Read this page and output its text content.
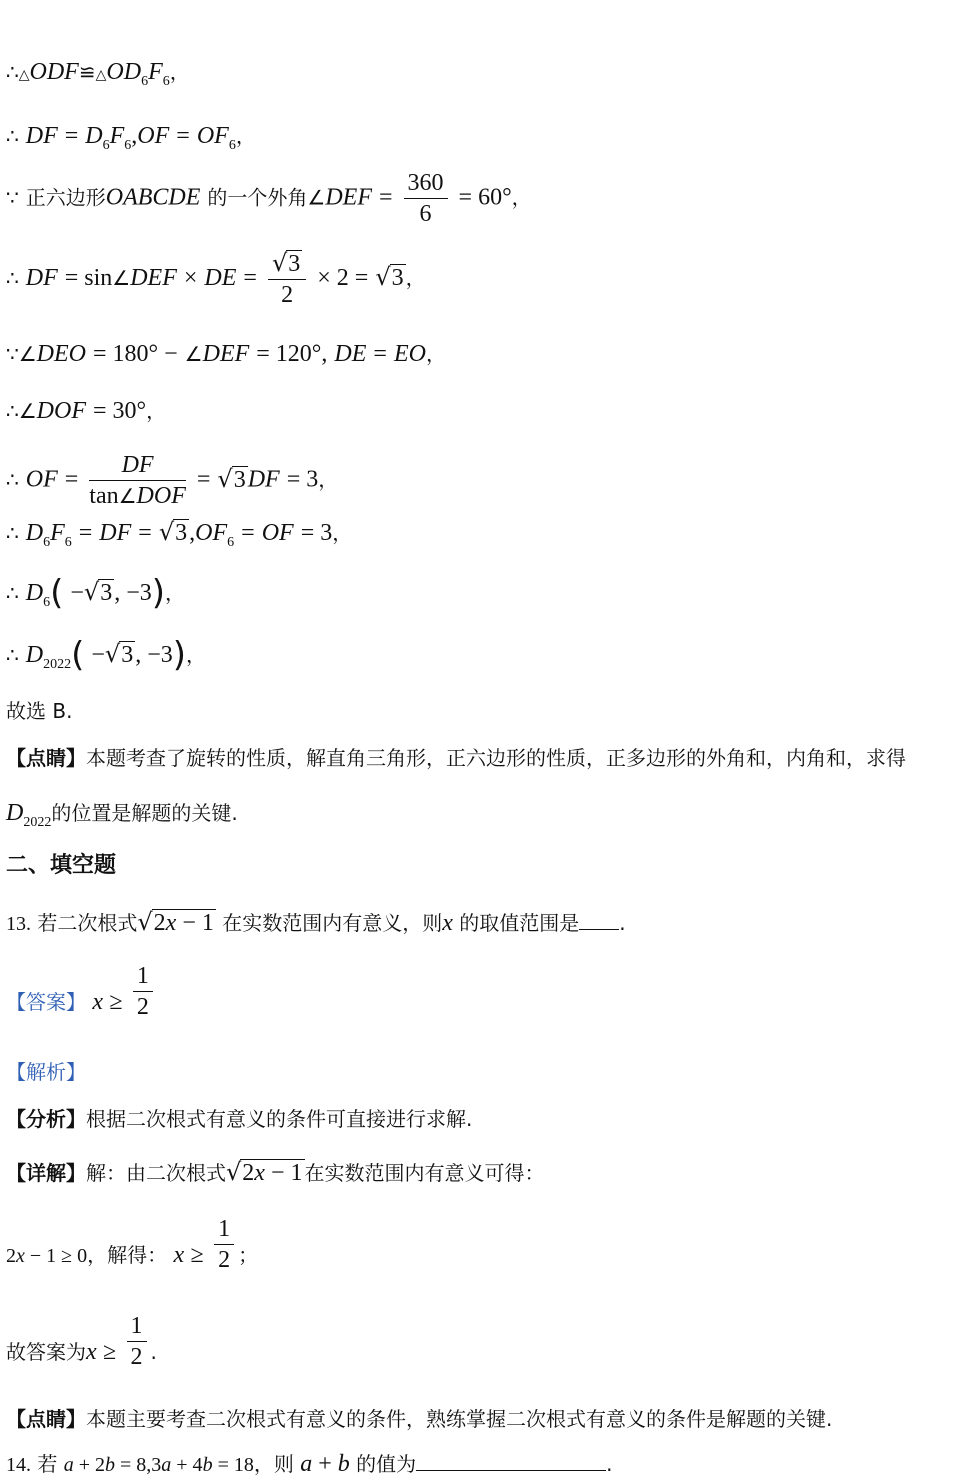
$\therefore\triangle ODF≌\triangle OD_6F_6$，
∴ DF = $D_6F_6,OF = OF_6$，
∵ 正六边形OABCDE 的一个外角∠DEF = $\frac{360}{6} = 60^\circ$，
∴ DF = sin∠DEF × DE = $\frac{√3}{2} \times 2 = √3$ ，
∵∠DEO = 180° − ∠DEF = 120°, DE = EO，
∴∠DOF = 30°，
∴ OF = $\frac{DF}{\text{tan∠DOF}} = √3DF = 3$，
∴ $D_6F_6$ = DF = $√3,OF_6$ = OF = 3，
∴ $D_6( -√3$, −3)，
∴ $D_{2022}( -√3$, −3)，
故选 B.
【点睛】本题考查了旋转的性质，解直角三角形，正六边形的性质，正多边形的外角和，内角和，求得
$D_{2022}$的位置是解题的关键.
二、填空题
13. 若二次根式√2x − 1 在实数范围内有意义，则x 的取值范围是 .
【答案】 $x \ge \frac{1}{2}$
【解析】
【分析】根据二次根式有意义的条件可直接进行求解.
【详解】解：由二次根式√2x − 1 在实数范围内有意义可得：
2x − 1 ≥ 0，解得： $x \ge \frac{1}{2}$ ；
故答案为$x \ge \frac{1}{2}$ .
【点睛】本题主要考查二次根式有意义的条件，熟练掌握二次根式有意义的条件是解题的关键.
14. 若 a + 2b = 8,3a + 4b = 18，则 a + b 的值为	.
